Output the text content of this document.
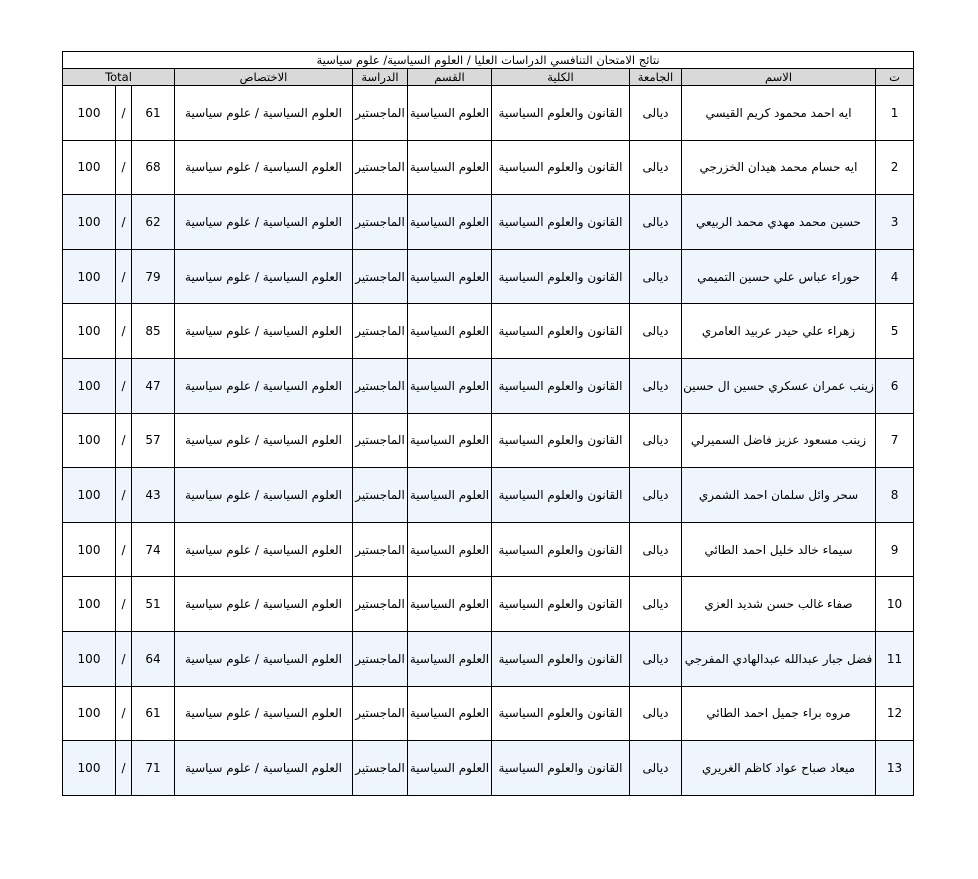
نتائج الامتحان التنافسي الدراسات العليا / العلوم السياسية/ علوم سياسية									
Total			الاختصاص	الدراسة	القسم	الكلية	الجامعة	الاسم	ت
100	/	61	العلوم السياسية / علوم سياسية	الماجستير	العلوم السياسية	القانون والعلوم السياسية	ديالى	ايه احمد محمود كريم القيسي	1
100	/	68	العلوم السياسية / علوم سياسية	الماجستير	العلوم السياسية	القانون والعلوم السياسية	ديالى	ايه حسام محمد هيدان الخزرجي	2
100	/	62	العلوم السياسية / علوم سياسية	الماجستير	العلوم السياسية	القانون والعلوم السياسية	ديالى	حسين محمد مهدي محمد الربيعي	3
100	/	79	العلوم السياسية / علوم سياسية	الماجستير	العلوم السياسية	القانون والعلوم السياسية	ديالى	حوراء عباس علي حسين التميمي	4
100	/	85	العلوم السياسية / علوم سياسية	الماجستير	العلوم السياسية	القانون والعلوم السياسية	ديالى	زهراء علي حيدر عربيد العامري	5
100	/	47	العلوم السياسية / علوم سياسية	الماجستير	العلوم السياسية	القانون والعلوم السياسية	ديالى	زينب عمران عسكري حسين ال حسين	6
100	/	57	العلوم السياسية / علوم سياسية	الماجستير	العلوم السياسية	القانون والعلوم السياسية	ديالى	زينب مسعود عزيز فاضل السميرلي	7
100	/	43	العلوم السياسية / علوم سياسية	الماجستير	العلوم السياسية	القانون والعلوم السياسية	ديالى	سحر وائل سلمان احمد الشمري	8
100	/	74	العلوم السياسية / علوم سياسية	الماجستير	العلوم السياسية	القانون والعلوم السياسية	ديالى	سيماء خالد خليل احمد الطائي	9
100	/	51	العلوم السياسية / علوم سياسية	الماجستير	العلوم السياسية	القانون والعلوم السياسية	ديالى	صفاء غالب حسن شديد العزي	10
100	/	64	العلوم السياسية / علوم سياسية	الماجستير	العلوم السياسية	القانون والعلوم السياسية	ديالى	فضل جبار عبدالله عبدالهادي المفرجي	11
100	/	61	العلوم السياسية / علوم سياسية	الماجستير	العلوم السياسية	القانون والعلوم السياسية	ديالى	مروه براء جميل احمد الطائي	12
100	/	71	العلوم السياسية / علوم سياسية	الماجستير	العلوم السياسية	القانون والعلوم السياسية	ديالى	ميعاد صباح عواد كاظم الغريري	13
